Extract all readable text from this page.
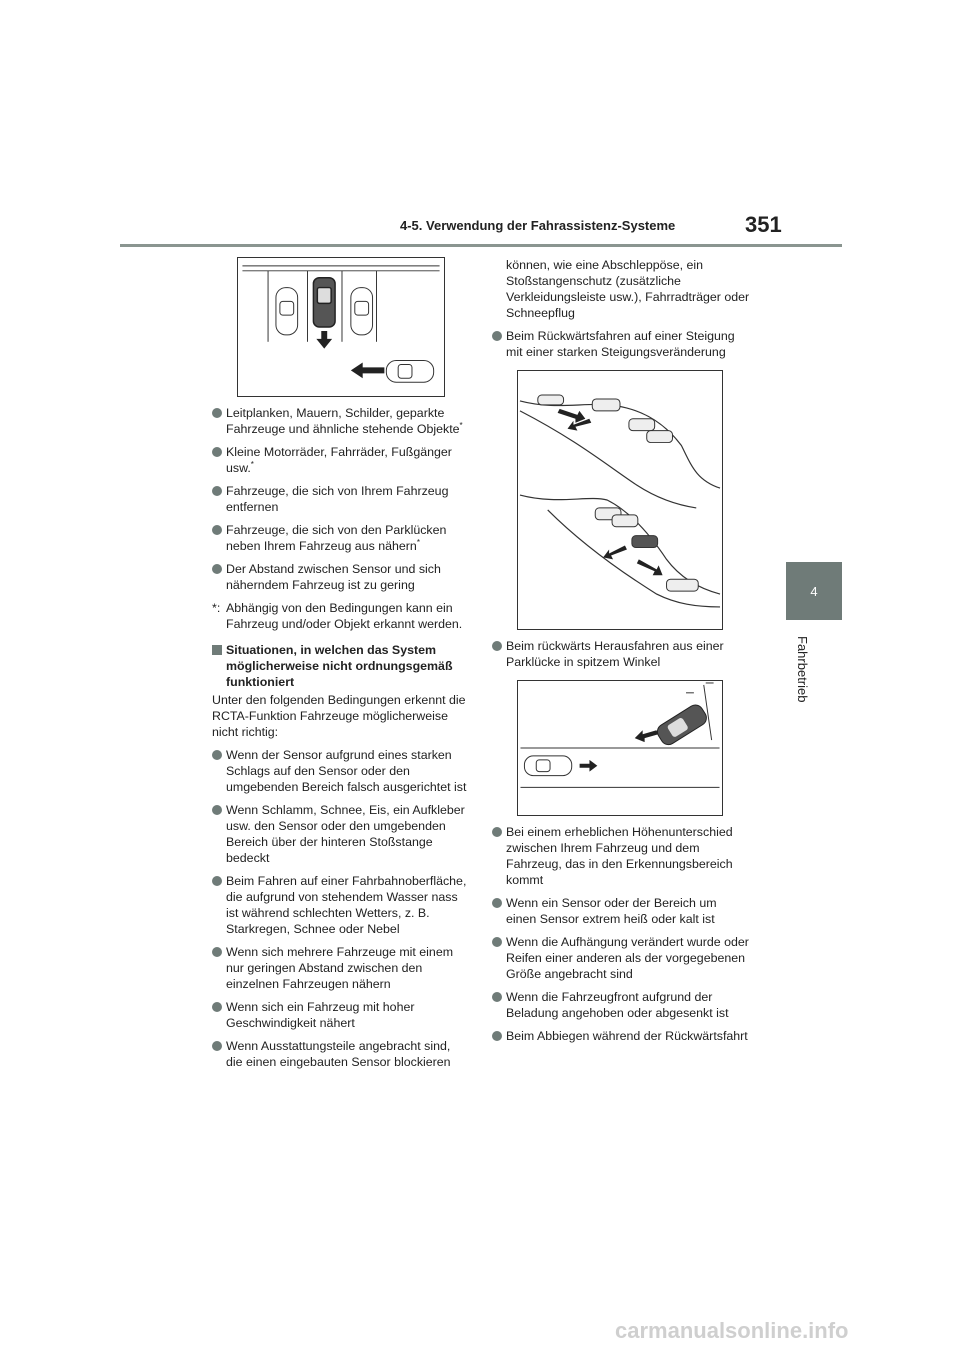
4-5. Verwendung der Fahrassistenz-Systeme	351
4
Fahrbetrieb
Leitplanken, Mauern, Schilder, geparkte Fahrzeuge und ähnliche stehende Objekte*
Kleine Motorräder, Fahrräder, Fußgänger usw.*
Fahrzeuge, die sich von Ihrem Fahrzeug entfernen
Fahrzeuge, die sich von den Parklücken neben Ihrem Fahrzeug aus nähern*
Der Abstand zwischen Sensor und sich näherndem Fahrzeug ist zu gering
*: Abhängig von den Bedingungen kann ein Fahrzeug und/oder Objekt erkannt werden.
Situationen, in welchen das System möglicherweise nicht ordnungsgemäß funktioniert
Unter den folgenden Bedingungen erkennt die RCTA-Funktion Fahrzeuge möglicherweise nicht richtig:
Wenn der Sensor aufgrund eines starken Schlags auf den Sensor oder den umgebenden Bereich falsch ausgerichtet ist
Wenn Schlamm, Schnee, Eis, ein Aufkleber usw. den Sensor oder den umgebenden Bereich über der hinteren Stoßstange bedeckt
Beim Fahren auf einer Fahrbahnoberfläche, die aufgrund von stehendem Wasser nass ist während schlechten Wetters, z. B. Starkregen, Schnee oder Nebel
Wenn sich mehrere Fahrzeuge mit einem nur geringen Abstand zwischen den einzelnen Fahrzeugen nähern
Wenn sich ein Fahrzeug mit hoher Geschwindigkeit nähert
Wenn Ausstattungsteile angebracht sind, die einen eingebauten Sensor blockieren
können, wie eine Abschleppöse, ein Stoßstangenschutz (zusätzliche Verkleidungsleiste usw.), Fahrradträger oder Schneepflug
Beim Rückwärtsfahren auf einer Steigung mit einer starken Steigungsveränderung
Beim rückwärts Herausfahren aus einer Parklücke in spitzem Winkel
Bei einem erheblichen Höhenunterschied zwischen Ihrem Fahrzeug und dem Fahrzeug, das in den Erkennungsbereich kommt
Wenn ein Sensor oder der Bereich um einen Sensor extrem heiß oder kalt ist
Wenn die Aufhängung verändert wurde oder Reifen einer anderen als der vorgegebenen Größe angebracht sind
Wenn die Fahrzeugfront aufgrund der Beladung angehoben oder abgesenkt ist
Beim Abbiegen während der Rückwärtsfahrt
carmanualsonline.info
